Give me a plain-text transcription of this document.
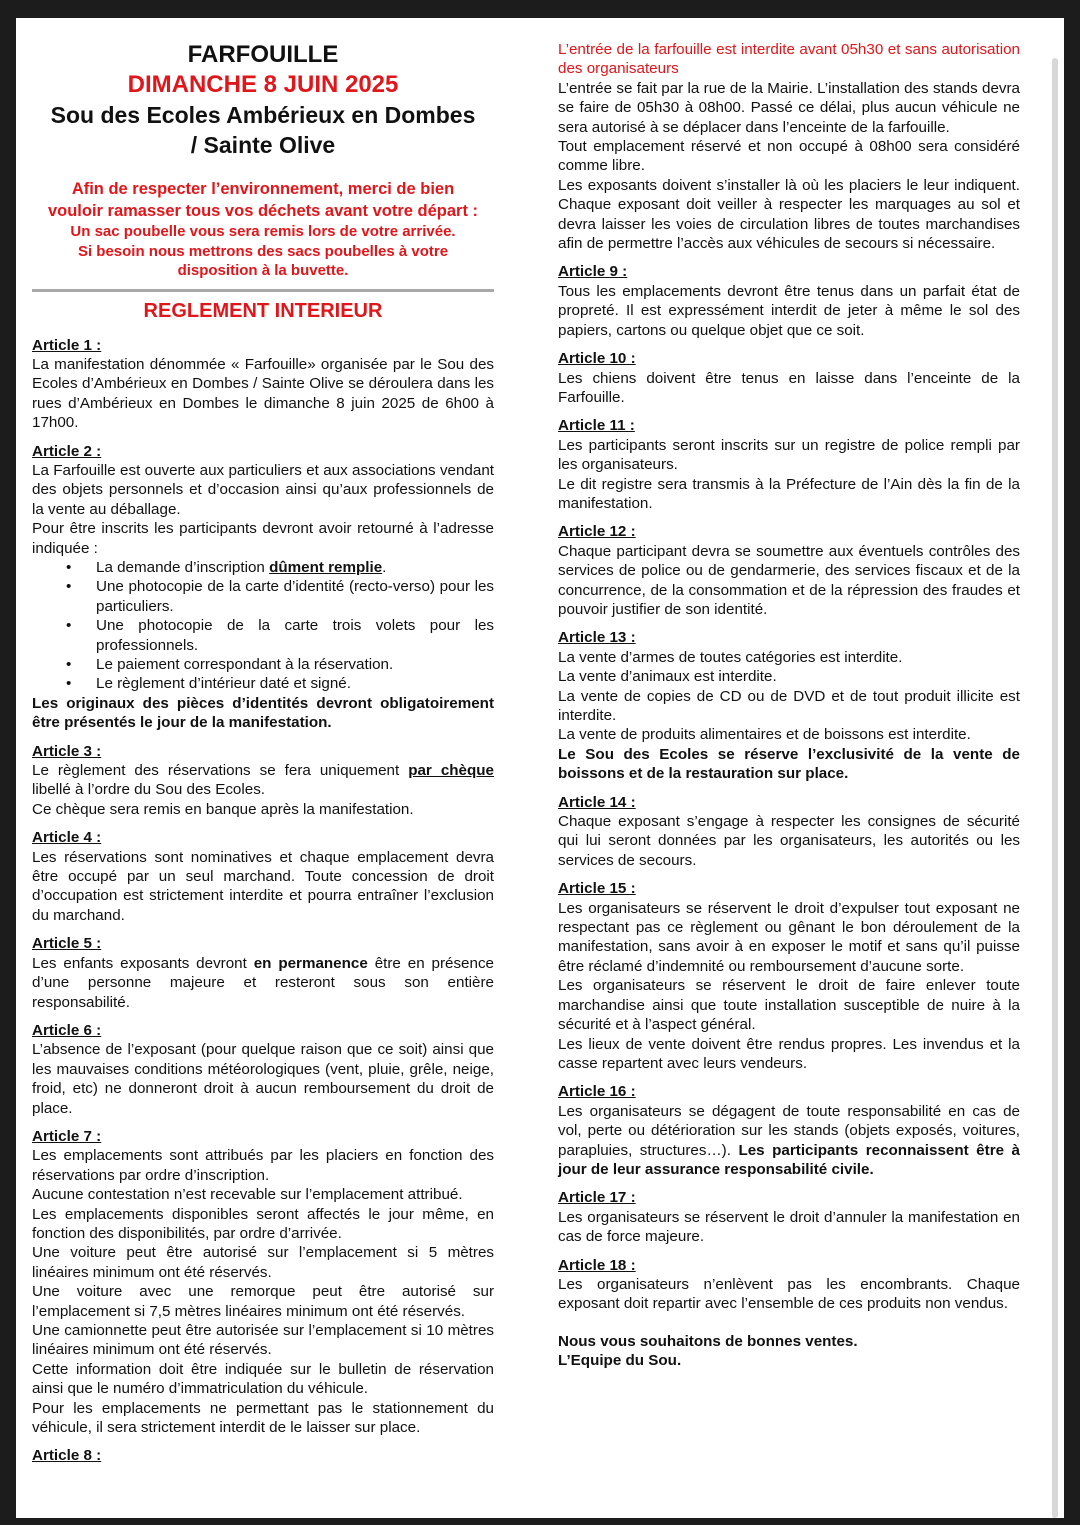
FARFOUILLE

DIMANCHE 8 JUIN 2025

Sou des Ecoles Ambérieux en Dombes

/ Sainte Olive

Afin de respecter l’environnement, merci de bien

vouloir ramasser tous vos déchets avant votre départ :

Un sac poubelle vous sera remis lors de votre arrivée.

Si besoin nous mettrons des sacs poubelles à votre

disposition à la buvette.

REGLEMENT INTERIEUR

Article 1 :

La manifestation dénommée « Farfouille» organisée par le Sou des Ecoles d’Ambérieux en Dombes / Sainte Olive se déroulera dans les rues d’Ambérieux en Dombes le dimanche 8 juin 2025 de 6h00 à 17h00.

Article 2 :

La Farfouille est ouverte aux particuliers et aux associations vendant des objets personnels et d’occasion ainsi qu’aux professionnels de la vente au déballage.

Pour être inscrits les participants devront avoir retourné à l’adresse indiquée :

• La demande d’inscription dûment remplie.
• Une photocopie de la carte d’identité (recto-verso) pour les particuliers.
• Une photocopie de la carte trois volets pour les professionnels.
• Le paiement correspondant à la réservation.
• Le règlement d’intérieur daté et signé.

Les originaux des pièces d’identités devront obligatoirement être présentés le jour de la manifestation.

Article 3 :

Le règlement des réservations se fera uniquement par chèque libellé à l’ordre du Sou des Ecoles.

Ce chèque sera remis en banque après la manifestation.

Article 4 :

Les réservations sont nominatives et chaque emplacement devra être occupé par un seul marchand. Toute concession de droit d’occupation est strictement interdite et pourra entraîner l’exclusion du marchand.

Article 5 :

Les enfants exposants devront en permanence être en présence d’une personne majeure et resteront sous son entière responsabilité.

Article 6 :

L’absence de l’exposant (pour quelque raison que ce soit) ainsi que les mauvaises conditions météorologiques (vent, pluie, grêle, neige, froid, etc) ne donneront droit à aucun remboursement du droit de place.

Article 7 :

Les emplacements sont attribués par les placiers en fonction des réservations par ordre d’inscription.

Aucune contestation n’est recevable sur l’emplacement attribué.

Les emplacements disponibles seront affectés le jour même, en fonction des disponibilités, par ordre d’arrivée.

Une voiture peut être autorisé sur l’emplacement si 5 mètres linéaires minimum ont été réservés.

Une voiture avec une remorque peut être autorisé sur l’emplacement si 7,5 mètres linéaires minimum ont été réservés.

Une camionnette peut être autorisée sur l’emplacement si 10 mètres linéaires minimum ont été réservés.

Cette information doit être indiquée sur le bulletin de réservation ainsi que le numéro d’immatriculation du véhicule.

Pour les emplacements ne permettant pas le stationnement du véhicule, il sera strictement interdit de le laisser sur place.

Article 8 :

L’entrée de la farfouille est interdite avant 05h30 et sans autorisation des organisateurs

L’entrée se fait par la rue de la Mairie. L’installation des stands devra se faire de 05h30 à 08h00. Passé ce délai, plus aucun véhicule ne sera autorisé à se déplacer dans l’enceinte de la farfouille.

Tout emplacement réservé et non occupé à 08h00 sera considéré comme libre.

Les exposants doivent s’installer là où les placiers le leur indiquent. Chaque exposant doit veiller à respecter les marquages au sol et devra laisser les voies de circulation libres de toutes marchandises afin de permettre l’accès aux véhicules de secours si nécessaire.

Article 9 :

Tous les emplacements devront être tenus dans un parfait état de propreté. Il est expressément interdit de jeter à même le sol des papiers, cartons ou quelque objet que ce soit.

Article 10 :

Les chiens doivent être tenus en laisse dans l’enceinte de la Farfouille.

Article 11 :

Les participants seront inscrits sur un registre de police rempli par les organisateurs.

Le dit registre sera transmis à la Préfecture de l’Ain dès la fin de la manifestation.

Article 12 :

Chaque participant devra se soumettre aux éventuels contrôles des services de police ou de gendarmerie, des services fiscaux et de la concurrence, de la consommation et de la répression des fraudes et pouvoir justifier de son identité.

Article 13 :

La vente d’armes de toutes catégories est interdite.

La vente d’animaux est interdite.

La vente de copies de CD ou de DVD et de tout produit illicite est interdite.

La vente de produits alimentaires et de boissons est interdite.

Le Sou des Ecoles se réserve l’exclusivité de la vente de boissons et de la restauration sur place.

Article 14 :

Chaque exposant s’engage à respecter les consignes de sécurité qui lui seront données par les organisateurs, les autorités ou les services de secours.

Article 15 :

Les organisateurs se réservent le droit d’expulser tout exposant ne respectant pas ce règlement ou gênant le bon déroulement de la manifestation, sans avoir à en exposer le motif et sans qu’il puisse être réclamé d’indemnité ou remboursement d’aucune sorte.

Les organisateurs se réservent le droit de faire enlever toute marchandise ainsi que toute installation susceptible de nuire à la sécurité et à l’aspect général.

Les lieux de vente doivent être rendus propres. Les invendus et la casse repartent avec leurs vendeurs.

Article 16 :

Les organisateurs se dégagent de toute responsabilité en cas de vol, perte ou détérioration sur les stands (objets exposés, voitures, parapluies, structures…). Les participants reconnaissent être à jour de leur assurance responsabilité civile.

Article 17 :

Les organisateurs se réservent le droit d’annuler la manifestation en cas de force majeure.

Article 18 :

Les organisateurs n’enlèvent pas les encombrants. Chaque exposant doit repartir avec l’ensemble de ces produits non vendus.

Nous vous souhaitons de bonnes ventes.

L’Equipe du Sou.
